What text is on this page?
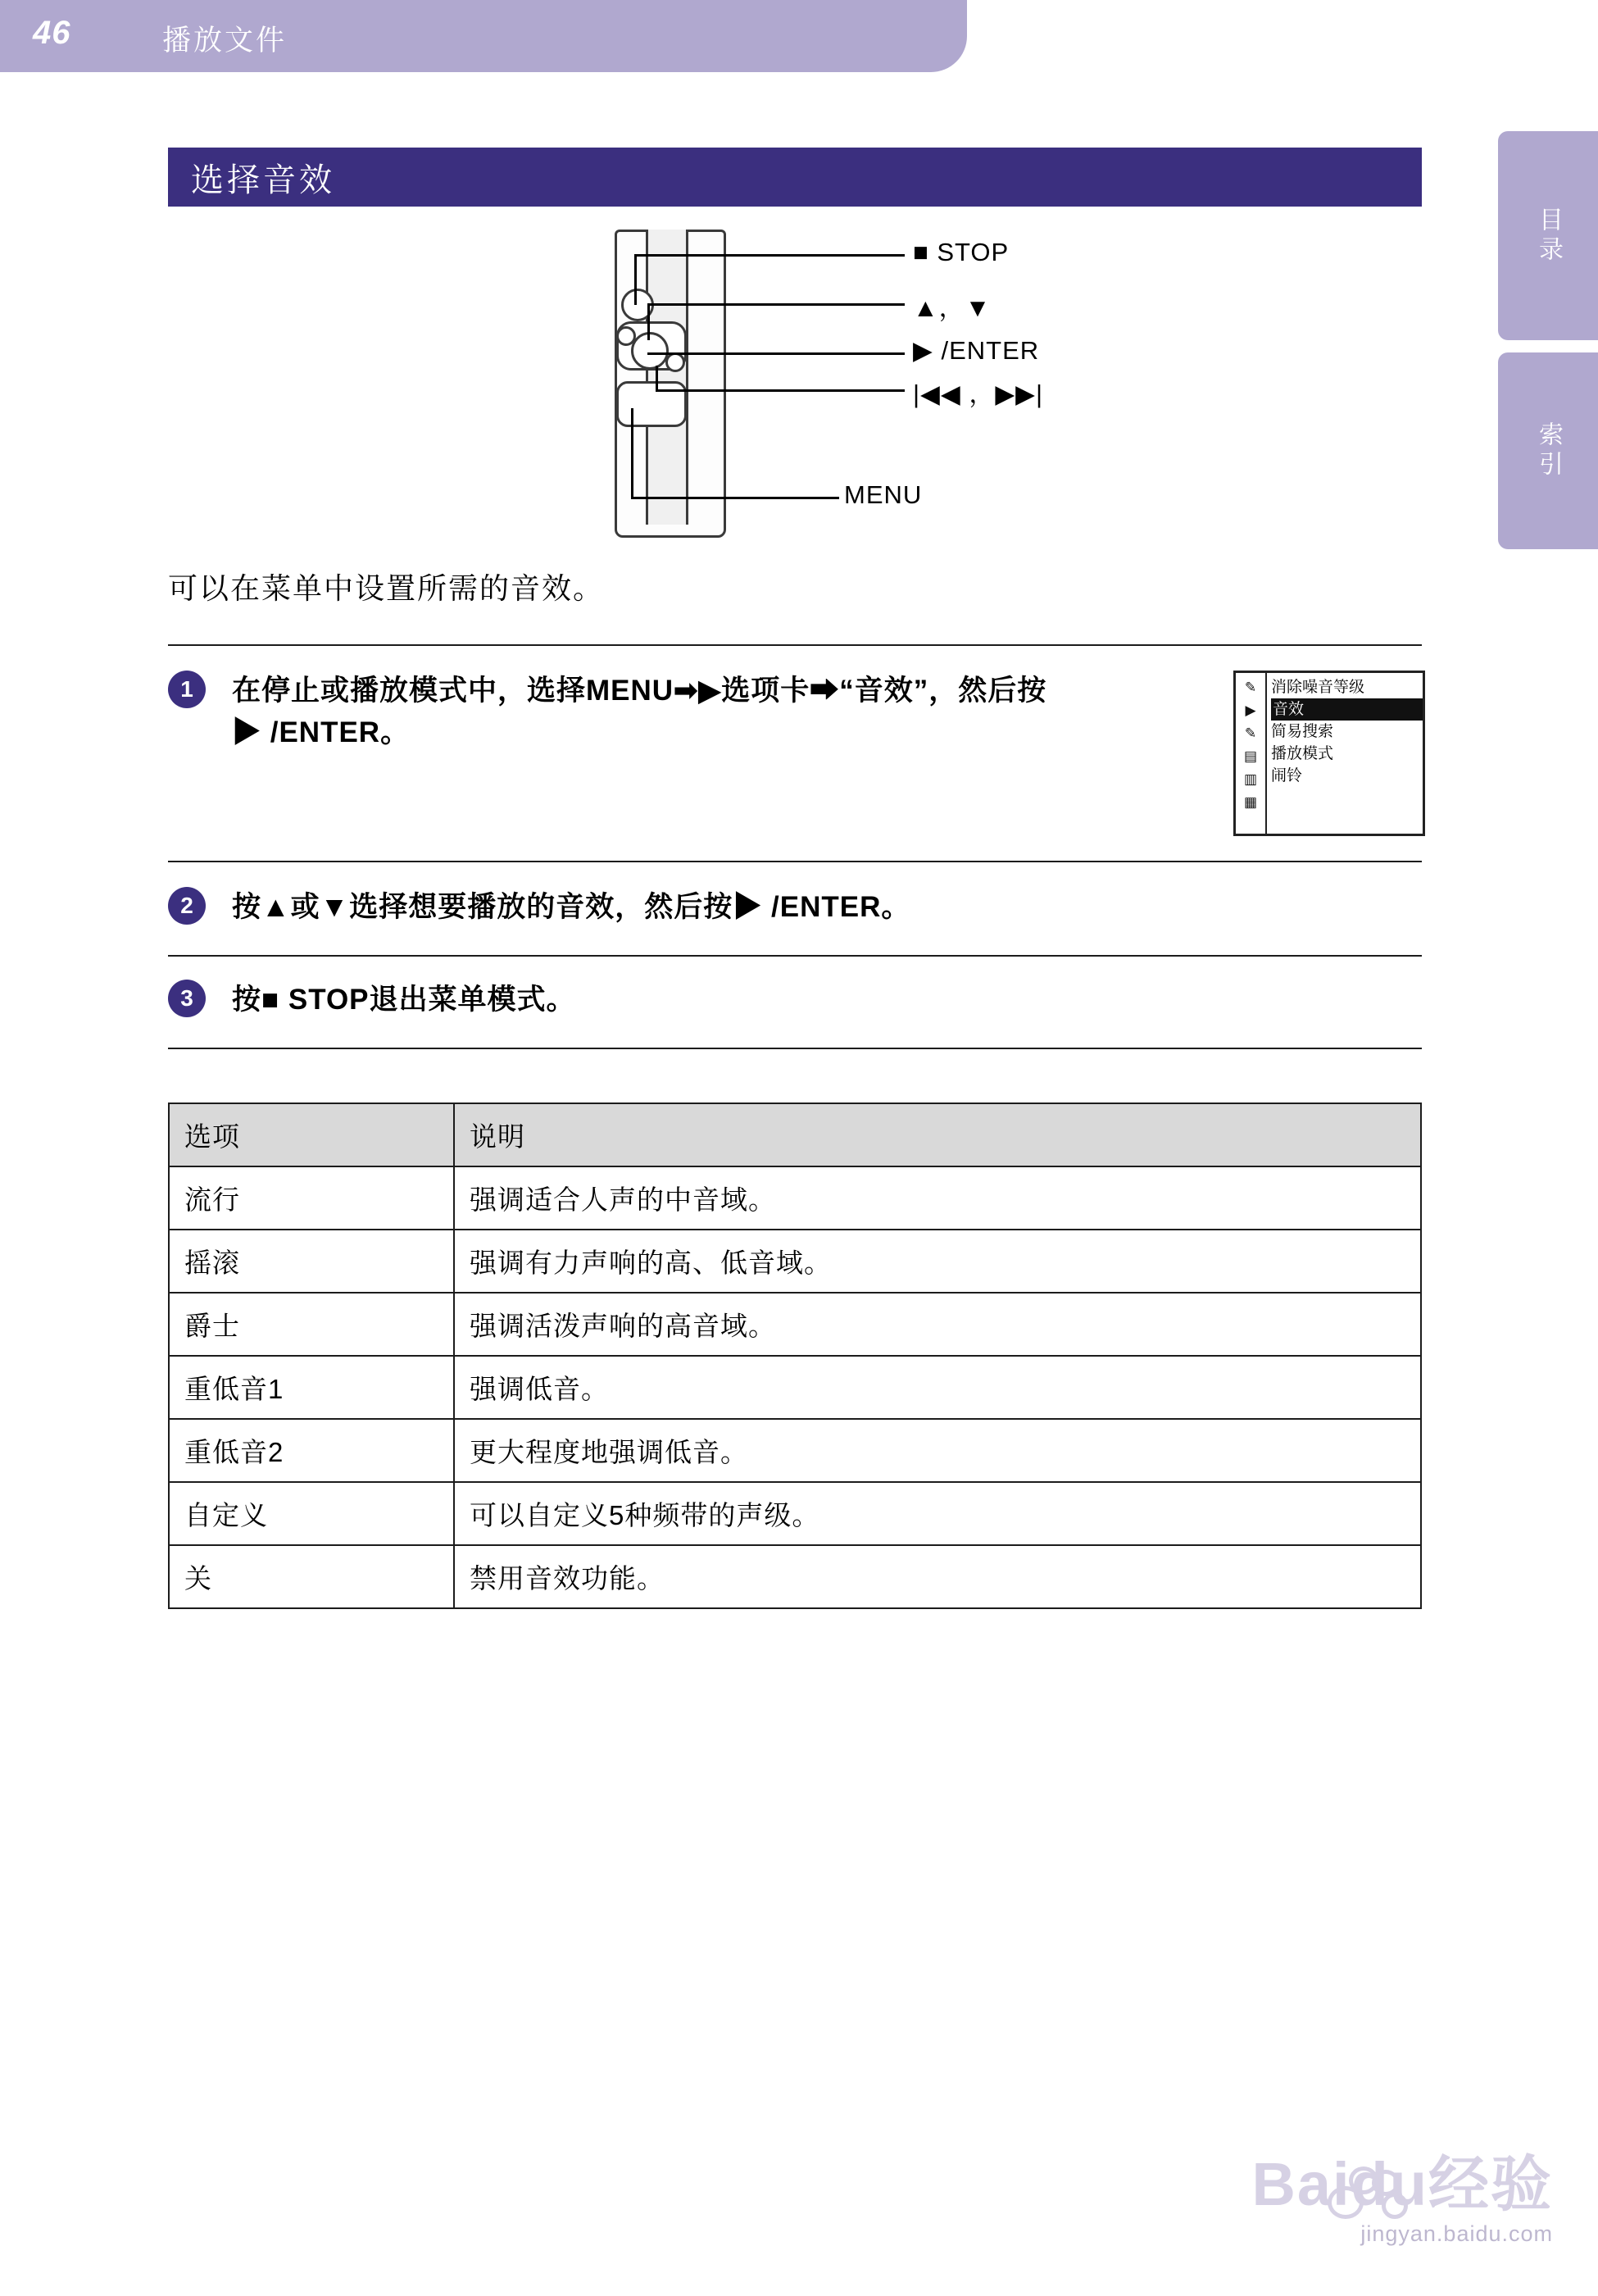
46	播放文件
目录
索引
选择音效
■ STOP
▲，▼
▶ /ENTER
|◀◀ ，▶▶|
MENU
可以在菜单中设置所需的音效。
1	在停止或播放模式中，选择MENU➡▶选项卡➡“音效”，然后按▶ /ENTER。
✎
▶
✎
▤
▥
▦
消除噪音等级
音效
简易搜索
播放模式
闹铃
2	按▲或▼选择想要播放的音效，然后按▶ /ENTER。
3	按■ STOP退出菜单模式。
选项	说明
流行	强调适合人声的中音域。
摇滚	强调有力声响的高、低音域。
爵士	强调活泼声响的高音域。
重低音1	强调低音。
重低音2	更大程度地强调低音。
自定义	可以自定义5种频带的声级。
关	禁用音效功能。
Baidu经验
jingyan.baidu.com
